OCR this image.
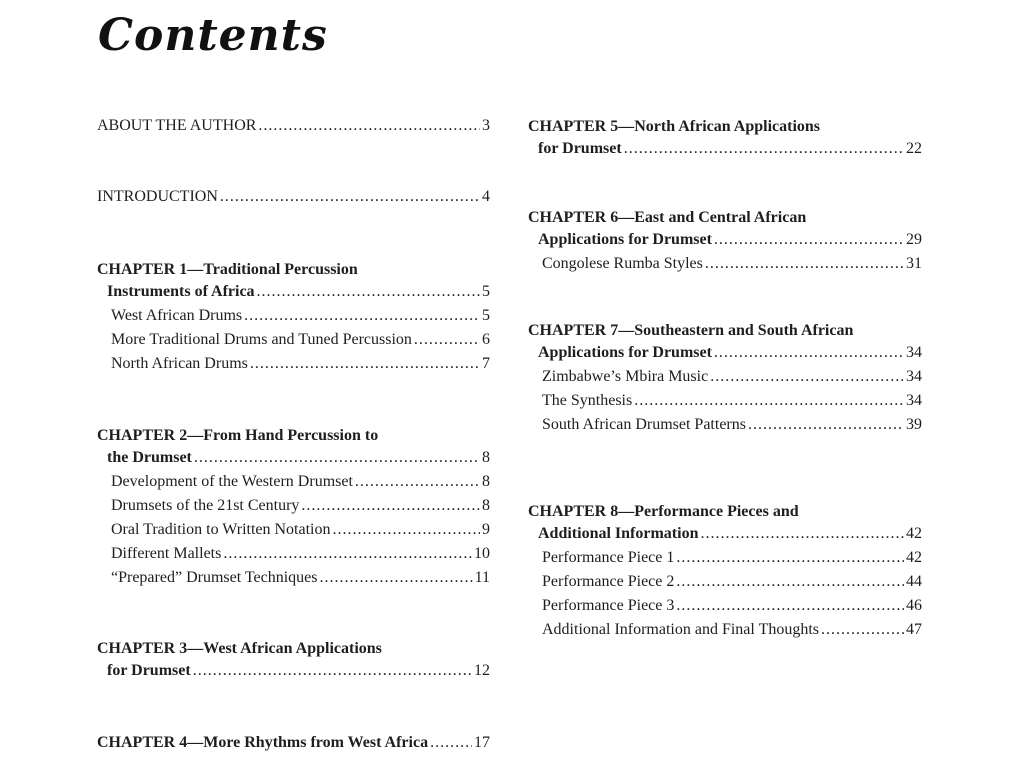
Contents
ABOUT THE AUTHOR .....	3
INTRODUCTION .....	4
CHAPTER 1—Traditional Percussion
Instruments of Africa .....	5
West African Drums .....	5
More Traditional Drums and Tuned Percussion .....	6
North African Drums .....	7
CHAPTER 2—From Hand Percussion to
the Drumset .....	8
Development of the Western Drumset .....	8
Drumsets of the 21st Century .....	8
Oral Tradition to Written Notation .....	9
Different Mallets .....	10
“Prepared” Drumset Techniques .....	11
CHAPTER 3—West African Applications
for Drumset .....	12
CHAPTER 4—More Rhythms from West Africa .....	17
CHAPTER 5—North African Applications
for Drumset .....	22
CHAPTER 6—East and Central African
Applications for Drumset .....	29
Congolese Rumba Styles .....	31
CHAPTER 7—Southeastern and South African
Applications for Drumset .....	34
Zimbabwe’s Mbira Music .....	34
The Synthesis .....	34
South African Drumset Patterns .....	39
CHAPTER 8—Performance Pieces and
Additional Information .....	42
Performance Piece 1 .....	42
Performance Piece 2 .....	44
Performance Piece 3 .....	46
Additional Information and Final Thoughts .....	47
